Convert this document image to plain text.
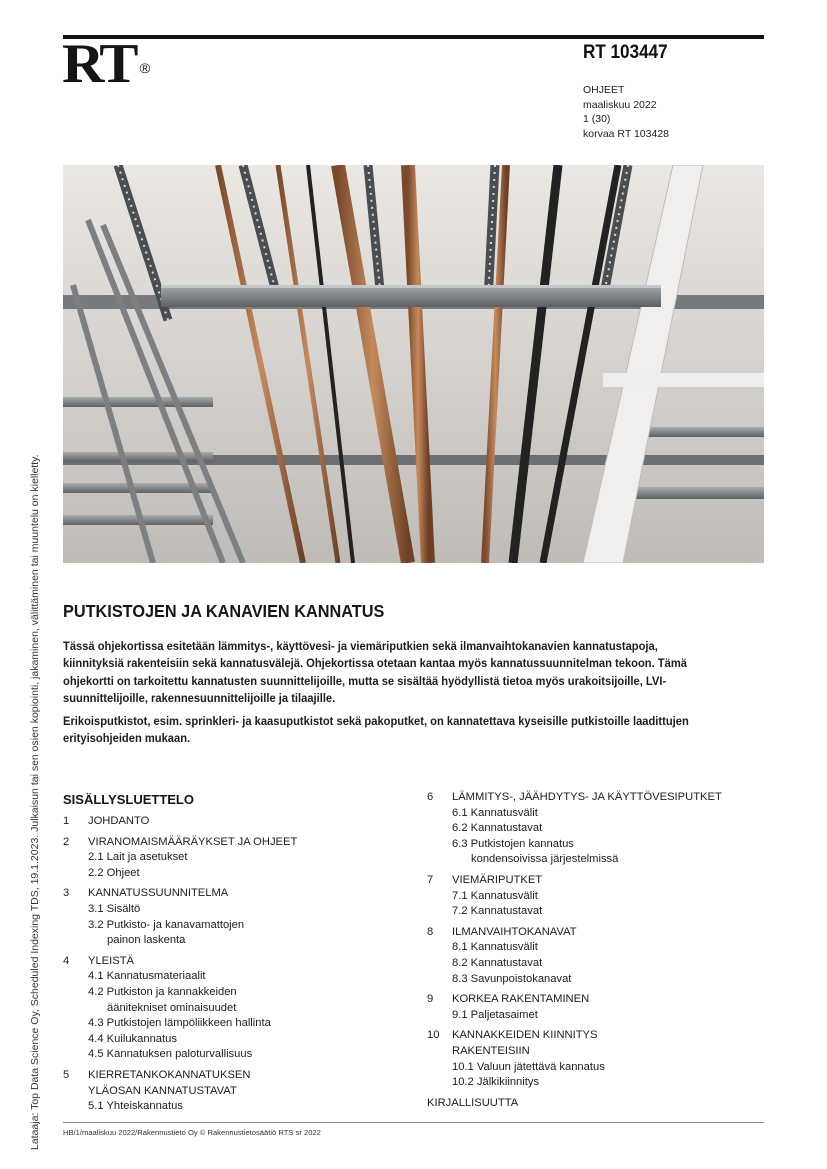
RT ®
RT 103447
OHJEET
maaliskuu 2022
1 (30)
korvaa RT 103428
Lataaja: Top Data Science Oy, Scheduled Indexing TDS, 19.1.2023. Julkaisun tai sen osien kopiointi, jakaminen, välittäminen tai muuntelu on kielletty. PUTKISTOJEN JA KANAVIEN KANNATUS

Tässä ohjekortissa esitetään lämmitys-, käyttövesi- ja viemäriputkien sekä ilmanvaihtokanavien kannatustapoja, kiinnityksiä rakenteisiin sekä kannatusvälejä. Ohjekortissa otetaan kantaa myös kannatussuunnitelman tekoon. Tämä ohjekortti on tarkoitettu kannatusten suunnittelijoille, mutta se sisältää hyödyllistä tietoa myös urakoitsijoille, LVI-suunnittelijoille, rakennesuunnittelijoille ja tilaajille.

Erikoisputkistot, esim. sprinkleri- ja kaasuputkistot sekä pakoputket, on kannatettava kyseisille putkistoille laadittujen erityisohjeiden mukaan.

SISÄLLYSLUETTELO
1	JOHDANTO
2	VIRANOMAISMÄÄRÄYKSET JA OHJEET
2.1 Lait ja asetukset
2.2 Ohjeet
3	KANNATUSSUUNNITELMA
3.1 Sisältö
3.2 Putkisto- ja kanavamattojen
painon laskenta
4	YLEISTÄ
4.1 Kannatusmateriaalit
4.2 Putkiston ja kannakkeiden
äänitekniset ominaisuudet
4.3 Putkistojen lämpöliikkeen hallinta
4.4 Kuilukannatus
4.5 Kannatuksen paloturvallisuus
5	KIERRETANKOKANNATUKSEN
YLÄOSAN KANNATUSTAVAT
5.1 Yhteiskannatus
6	LÄMMITYS-, JÄÄHDYTYS- JA KÄYTTÖVESIPUTKET
6.1 Kannatusvälit
6.2 Kannatustavat
6.3 Putkistojen kannatus
kondensoivissa järjestelmissä
7	VIEMÄRIPUTKET
7.1 Kannatusvälit
7.2 Kannatustavat
8	ILMANVAIHTOKANAVAT
8.1 Kannatusvälit
8.2 Kannatustavat
8.3 Savunpoistokanavat
9	KORKEA RAKENTAMINEN
9.1 Paljetasaimet
10	KANNAKKEIDEN KIINNITYS
RAKENTEISIIN
10.1 Valuun jätettävä kannatus
10.2 Jälkikiinnitys
KIRJALLISUUTTA
HB/1/maaliskuu 2022/Rakennustieto Oy © Rakennustietosäätiö RTS sr 2022
